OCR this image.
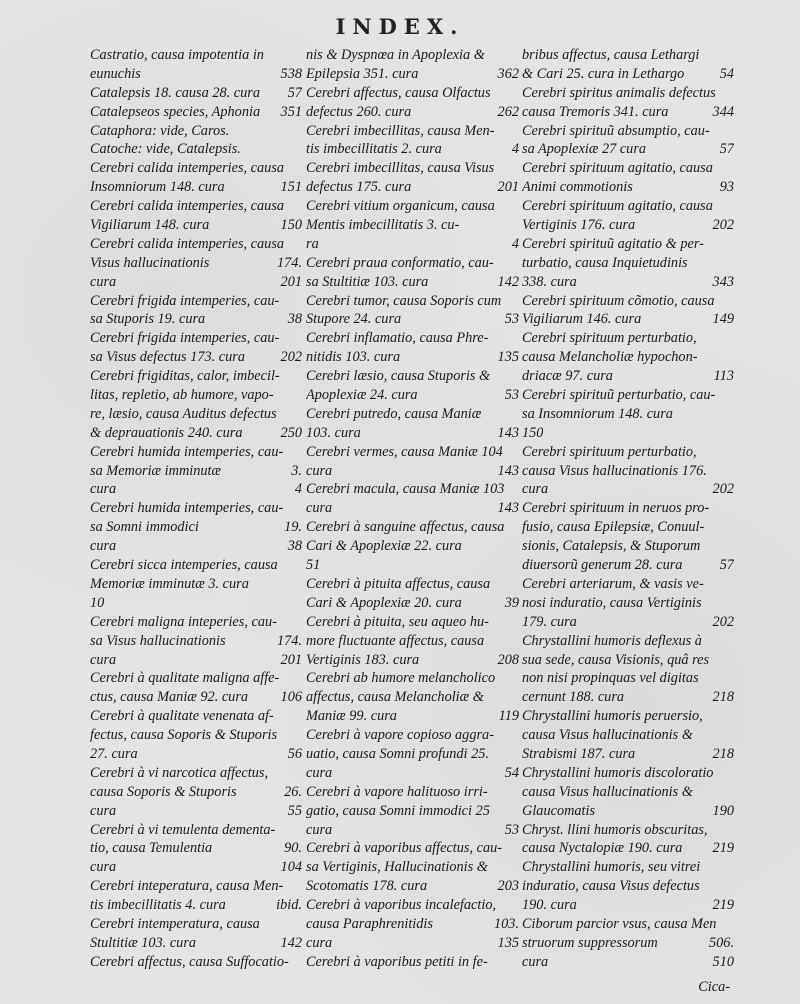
INDEX.
Castratio, causa impotentia in
eunuchis	538
Catalepsis 18. causa 28. cura 57
Catalepseos species, Aphonia 351
Cataphora: vide, Caros.
Catoche: vide, Catalepsis.
Cerebri calida intemperies, causa
Insomniorum 148. cura	151
Cerebri calida intemperies, causa
Vigiliarum 148. cura	150
Cerebri calida intemperies, causa
Visus hallucinationis	174.
cura	201
Cerebri frigida intemperies, cau-
sa Stuporis 19. cura	38
Cerebri frigida intemperies, cau-
sa Visus defectus 173. cura 202
Cerebri frigiditas, calor, imbecil-
litas, repletio, ab humore, vapo-
re, læsio, causa Auditus defectus
& deprauationis 240. cura	250
Cerebri humida intemperies, cau-
sa Memoriæ imminutæ	3.
cura	4
Cerebri humida intemperies, cau-
sa Somni immodici	19.
cura	38
Cerebri sicca intemperies, causa
Memoriæ imminutæ 3. cura
10
Cerebri maligna inteperies, cau-
sa Visus hallucinationis	174.
cura	201
Cerebri à qualitate maligna affe-
ctus, causa Maniæ 92. cura 106
Cerebri à qualitate venenata af-
fectus, causa Soporis & Stuporis
27. cura	56
Cerebri à vi narcotica affectus,
causa Soporis & Stuporis	26.
cura	55
Cerebri à vi temulenta dementa-
tio, causa Temulentia	90.
cura	104
Cerebri inteperatura, causa Men-
tis imbecillitatis 4. cura	ibid.
Cerebri intemperatura, causa
Stultitiæ 103. cura	142
Cerebri affectus, causa Suffocatio-
nis & Dyspnœa in Apoplexia &
Epilepsia 351. cura	362
Cerebri affectus, causa Olfactus
defectus 260. cura	262
Cerebri imbecillitas, causa Men-
tis imbecillitatis 2. cura	4
Cerebri imbecillitas, causa Visus
defectus 175. cura	201
Cerebri vitium organicum, causa
Mentis imbecillitatis 3. cu-
ra	4
Cerebri praua conformatio, cau-
sa Stultitiæ 103. cura	142
Cerebri tumor, causa Soporis cum
Stupore 24. cura	53
Cerebri inflamatio, causa Phre-
nitidis 103. cura	135
Cerebri læsio, causa Stuporis &
Apoplexiæ 24. cura	53
Cerebri putredo, causa Maniæ
103. cura	143
Cerebri vermes, causa Maniæ 104
cura	143
Cerebri macula, causa Maniæ 103
cura	143
Cerebri à sanguine affectus, causa
Cari & Apoplexiæ 22. cura
51
Cerebri à pituita affectus, causa
Cari & Apoplexiæ 20. cura	39
Cerebri à pituita, seu aqueo hu-
more fluctuante affectus, causa
Vertiginis 183. cura	208
Cerebri ab humore melancholico
affectus, causa Melancholiæ &
Maniæ 99. cura	119
Cerebri à vapore copioso aggra-
uatio, causa Somni profundi 25.
cura	54
Cerebri à vapore halituoso irri-
gatio, causa Somni immodici 25
cura	53
Cerebri à vaporibus affectus, cau-
sa Vertiginis, Hallucinationis &
Scotomatis 178. cura	203
Cerebri à vaporibus incalefactio,
causa Paraphrenitidis	103.
cura	135
Cerebri à vaporibus petiti in fe-
bribus affectus, causa Lethargi
& Cari 25. cura in Lethargo 54
Cerebri spiritus animalis defectus
causa Tremoris 341. cura	344
Cerebri spirituũ absumptio, cau-
sa Apoplexiæ 27 cura	57
Cerebri spirituum agitatio, causa
Animi commotionis	93
Cerebri spirituum agitatio, causa
Vertiginis 176. cura	202
Cerebri spirituũ agitatio & per-
turbatio, causa Inquietudinis
338. cura	343
Cerebri spirituum cõmotio, causa
Vigiliarum 146. cura	149
Cerebri spirituum perturbatio,
causa Melancholiæ hypochon-
driacæ 97. cura	113
Cerebri spirituũ perturbatio, cau-
sa Insomniorum 148. cura
150
Cerebri spirituum perturbatio,
causa Visus hallucinationis 176.
cura	202
Cerebri spirituum in neruos pro-
fusio, causa Epilepsiæ, Conuul-
sionis, Catalepsis, & Stuporum
diuersorũ generum 28. cura	57
Cerebri arteriarum, & vasis ve-
nosi induratio, causa Vertiginis
179. cura	202
Chrystallini humoris deflexus à
sua sede, causa Visionis, quâ res
non nisi propinquas vel digitas
cernunt 188. cura	218
Chrystallini humoris peruersio,
causa Visus hallucinationis &
Strabismi 187. cura	218
Chrystallini humoris discoloratio
causa Visus hallucinationis &
Glaucomatis	190
Chryst. llini humoris obscuritas,
causa Nyctalopiæ 190. cura 219
Chrystallini humoris, seu vitrei
induratio, causa Visus defectus
190. cura	219
Ciborum parcior vsus, causa Men
struorum suppressorum	506.
cura	510
Cica-
